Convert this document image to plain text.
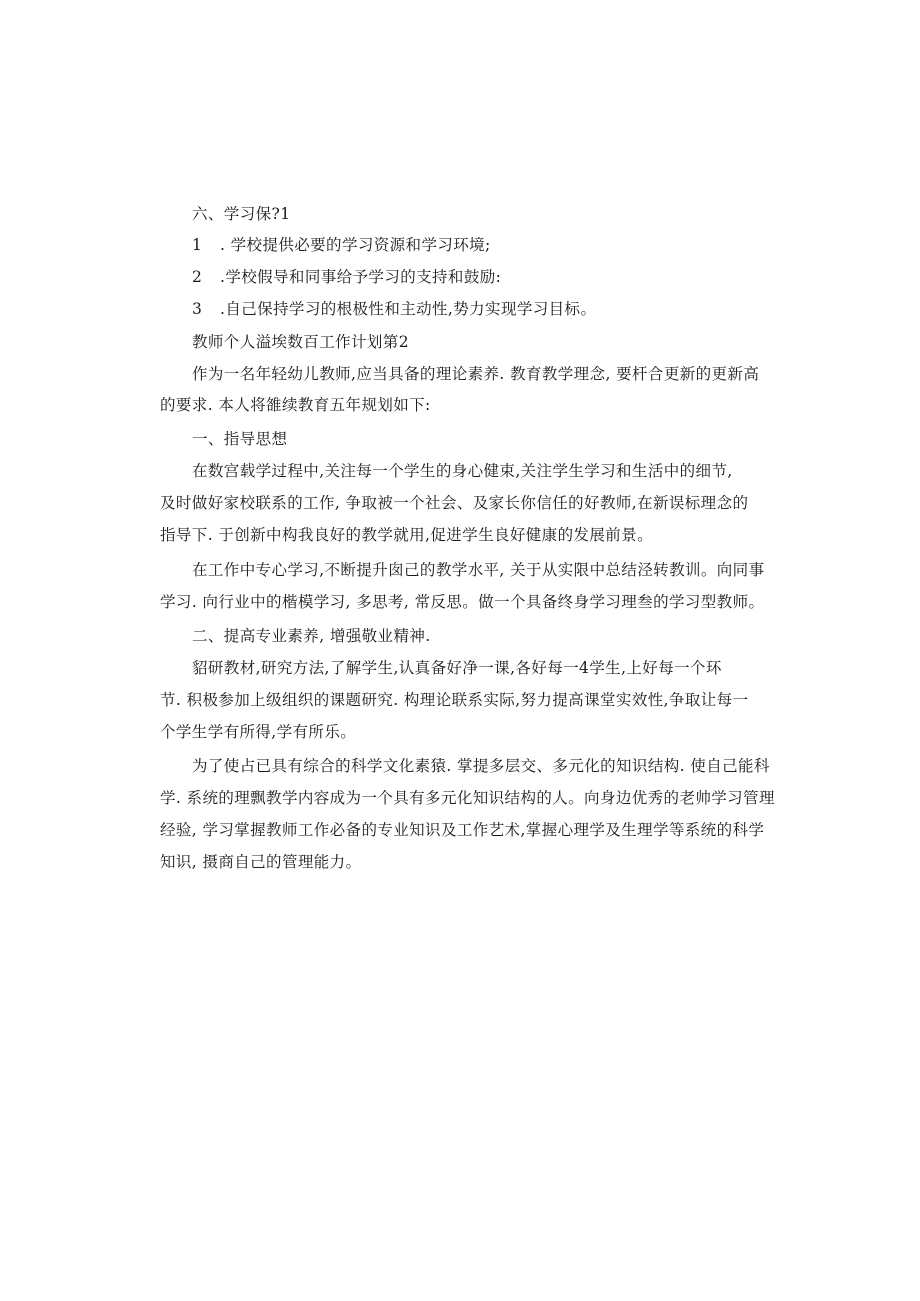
六、学习保?1
1 . 学校提供必要的学习资源和学习环境;
2 .学校假导和同事给予学习的支持和鼓励:
3 .自己保持学习的根极性和主动性,势力实现学习目标。
教师个人溢埃数百工作计划第2
作为一名年轻幼儿教师,应当具备的理论素养. 教育教学理念, 要杆合更新的更新高
的要求. 本人将雒续教育五年规划如下:
一、指导思想
在数宫载学过程中,关注每一个学生的身心健束,关注学生学习和生活中的细节,
及时做好家校联系的工作, 争取被一个社会、及家长你信任的好教师,在新误标理念的
指导下. 于创新中构我良好的教学就用,促进学生良好健康的发展前景。
在工作中专心学习,不断提升囱己的教学水平, 关于从实限中总结泾转教训。向同事
学习. 向行业中的楷模学习, 多思考, 常反思。做一个具备终身学习理叁的学习型教师。
二、提高专业素养, 增强敬业精神.
貂研教材,研究方法,了解学生,认真备好净一课,各好每一4学生,上好每一个环
节. 积极参加上级组织的课题研究. 构理论联系实际,努力提高课堂实效性,争取让每一
个学生学有所得,学有所乐。
为了使占已具有综合的科学文化素猿. 掌提多层交、多元化的知识结构. 使自己能科
学. 系统的理飘教学内容成为一个具有多元化知识结构的人。向身边优秀的老帅学习管理
经验, 学习掌握教师工作必备的专业知识及工作艺术,掌握心理学及生理学等系统的科学
知识, 摄商自己的管理能力。
